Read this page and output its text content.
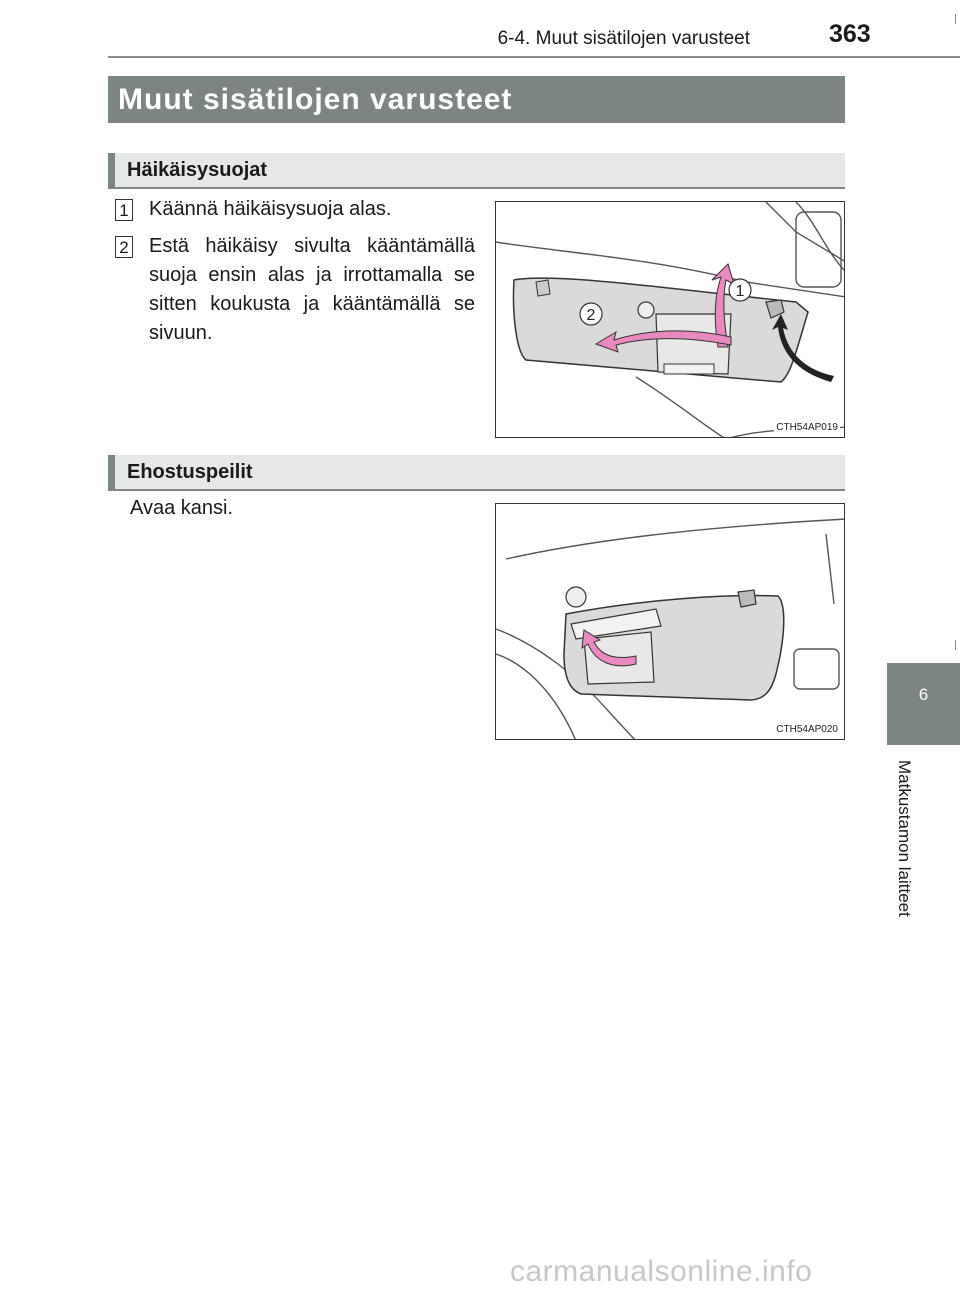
6-4. Muut sisätilojen varusteet	363
Muut sisätilojen varusteet
Häikäisysuojat
1 Käännä häikäisysuoja alas.
2 Estä häikäisy sivulta kääntämällä suoja ensin alas ja irrottamalla se sitten koukusta ja kääntämällä se sivuun.
1
2
CTH54AP019
Ehostuspeilit
Avaa kansi.
CTH54AP020
6
Matkustamon laitteet
carmanualsonline.info
